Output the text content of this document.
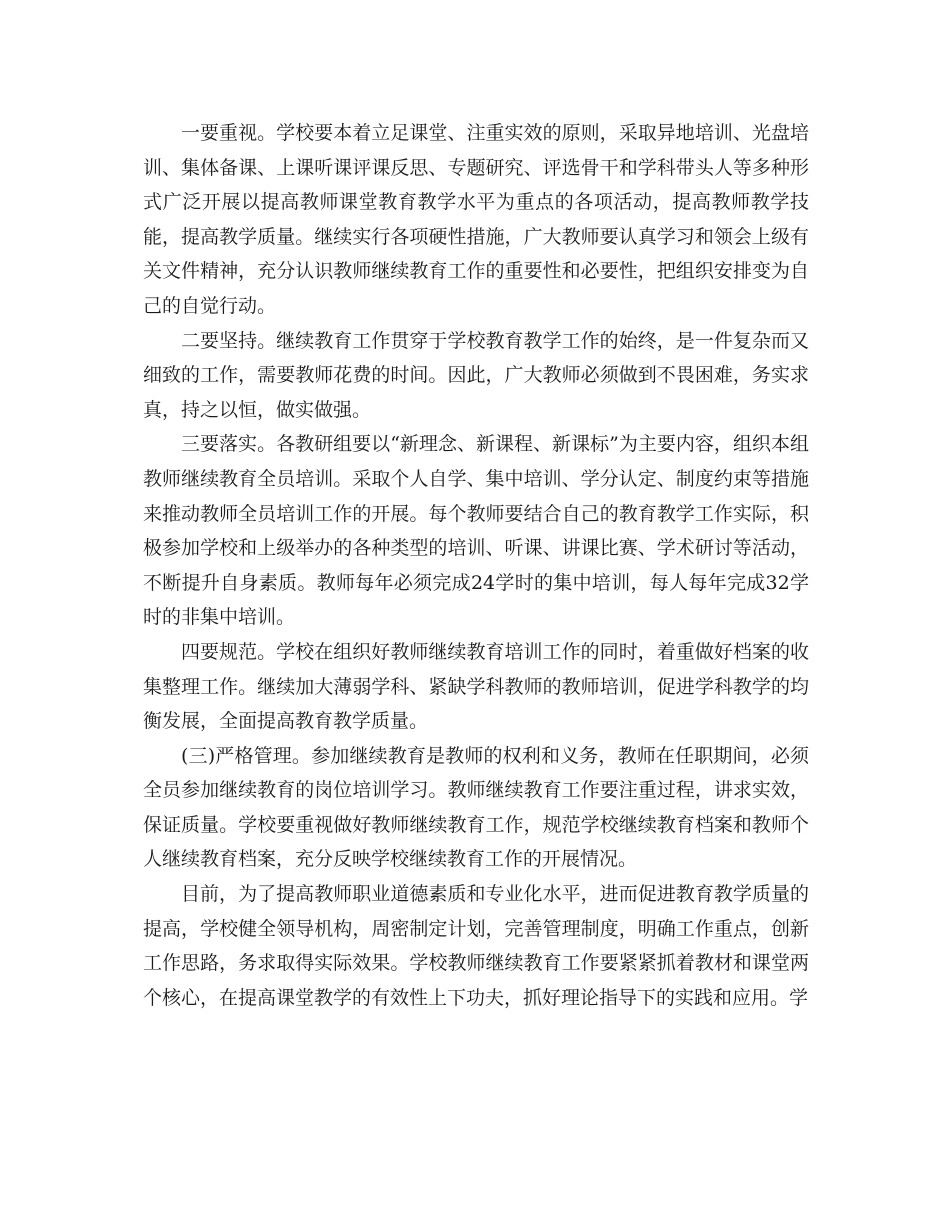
一要重视。学校要本着立足课堂、注重实效的原则，采取异地培训、光盘培训、集体备课、上课听课评课反思、专题研究、评选骨干和学科带头人等多种形式广泛开展以提高教师课堂教育教学水平为重点的各项活动，提高教师教学技能，提高教学质量。继续实行各项硬性措施，广大教师要认真学习和领会上级有关文件精神，充分认识教师继续教育工作的重要性和必要性，把组织安排变为自己的自觉行动。

二要坚持。继续教育工作贯穿于学校教育教学工作的始终，是一件复杂而又细致的工作，需要教师花费的时间。因此，广大教师必须做到不畏困难，务实求真，持之以恒，做实做强。

三要落实。各教研组要以“新理念、新课程、新课标”为主要内容，组织本组教师继续教育全员培训。采取个人自学、集中培训、学分认定、制度约束等措施来推动教师全员培训工作的开展。每个教师要结合自己的教育教学工作实际，积极参加学校和上级举办的各种类型的培训、听课、讲课比赛、学术研讨等活动，不断提升自身素质。教师每年必须完成24学时的集中培训，每人每年完成32学时的非集中培训。

四要规范。学校在组织好教师继续教育培训工作的同时，着重做好档案的收集整理工作。继续加大薄弱学科、紧缺学科教师的教师培训，促进学科教学的均衡发展，全面提高教育教学质量。

(三)严格管理。参加继续教育是教师的权利和义务，教师在任职期间，必须全员参加继续教育的岗位培训学习。教师继续教育工作要注重过程，讲求实效，保证质量。学校要重视做好教师继续教育工作，规范学校继续教育档案和教师个人继续教育档案，充分反映学校继续教育工作的开展情况。

目前，为了提高教师职业道德素质和专业化水平，进而促进教育教学质量的提高，学校健全领导机构，周密制定计划，完善管理制度，明确工作重点，创新工作思路，务求取得实际效果。学校教师继续教育工作要紧紧抓着教材和课堂两个核心，在提高课堂教学的有效性上下功夫，抓好理论指导下的实践和应用。学
